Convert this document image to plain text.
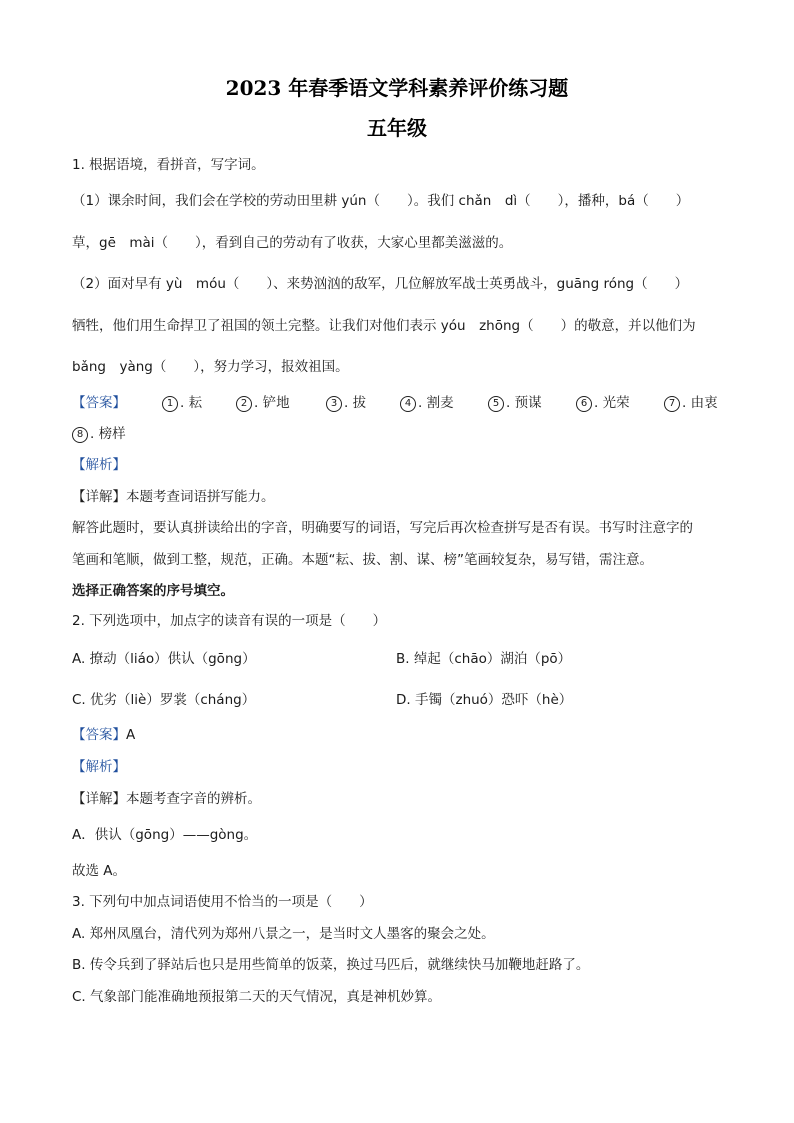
2023 年春季语文学科素养评价练习题
五年级
1. 根据语境，看拼音，写字词。
（1）课余时间，我们会在学校的劳动田里耕 yún（　　）。我们 chǎn　dì（　　），播种，bá（　　）
草，gē　mài（　　），看到自己的劳动有了收获，大家心里都美滋滋的。
（2）面对早有 yù　móu（　　）、来势汹汹的敌军，几位解放军战士英勇战斗，guāng róng（　　）
牺牲，他们用生命捍卫了祖国的领土完整。让我们对他们表示 yóu　zhōng（　　）的敬意，并以他们为
bǎng　yàng（　　），努力学习，报效祖国。
【答案】	1 . 耘	2 . 铲地	3 . 拔	4 . 割麦	5 . 预谋	6 . 光荣	7 . 由衷
8 . 榜样
【解析】
【详解】本题考查词语拼写能力。
解答此题时，要认真拼读给出的字音，明确要写的词语，写完后再次检查拼写是否有误。书写时注意字的
笔画和笔顺，做到工整，规范，正确。本题“耘、拔、割、谋、榜”笔画较复杂，易写错，需注意。
选择正确答案的序号填空。
2. 下列选项中，加点字的读音有误的一项是（　　）
A. 撩动（liáo）供认（gōng）	B. 绰起（chāo）湖泊（pō）
C. 优劣（liè）罗裳（cháng）	D. 手镯（zhuó）恐吓（hè）
【答案】A
【解析】
【详解】本题考查字音的辨析。
A．供认（gōng）——gòng。
故选 A。
3. 下列句中加点词语使用不恰当的一项是（　　）
A. 郑州凤凰台，清代列为郑州八景之一，是当时文人墨客的聚会之处。
B. 传令兵到了驿站后也只是用些简单的饭菜，换过马匹后，就继续快马加鞭地赶路了。
C. 气象部门能准确地预报第二天的天气情况，真是神机妙算。
